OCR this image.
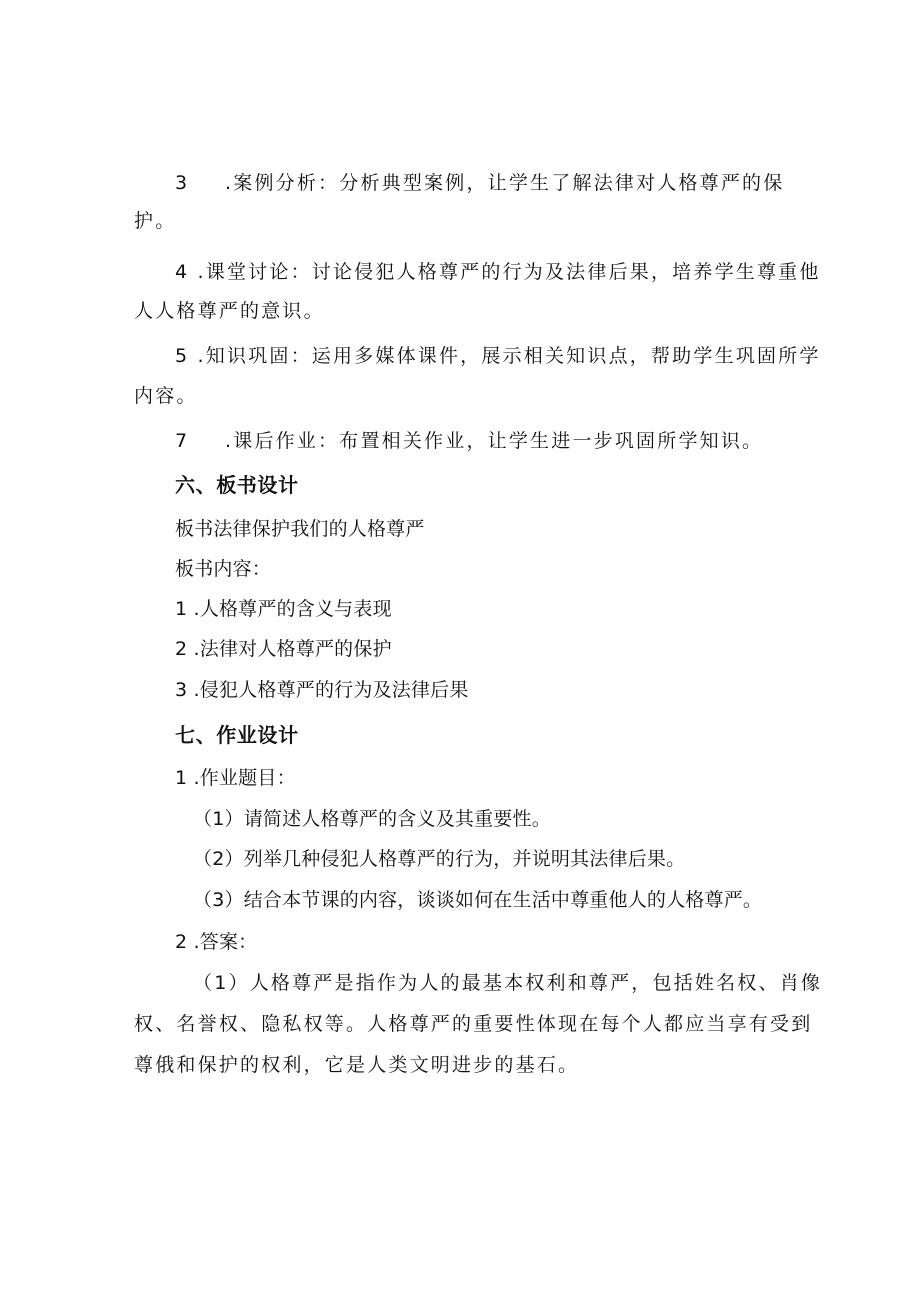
3 .案例分析：分析典型案例，让学生了解法律对人格尊严的保
护。
4 .课堂讨论：讨论侵犯人格尊严的行为及法律后果，培养学生尊重他
人人格尊严的意识。
5 .知识巩固：运用多媒体课件，展示相关知识点，帮助学生巩固所学
内容。
7 .课后作业：布置相关作业，让学生进一步巩固所学知识。
六、板书设计
板书法律保护我们的人格尊严
板书内容：
1 .人格尊严的含义与表现
2 .法律对人格尊严的保护
3 .侵犯人格尊严的行为及法律后果
七、作业设计
1 .作业题目：
（1）请简述人格尊严的含义及其重要性。
（2）列举几种侵犯人格尊严的行为，并说明其法律后果。
（3）结合本节课的内容，谈谈如何在生活中尊重他人的人格尊严。
2 .答案：
（1）人格尊严是指作为人的最基本权利和尊严，包括姓名权、肖像
权、名誉权、隐私权等。人格尊严的重要性体现在每个人都应当享有受到
尊俄和保护的权利，它是人类文明进步的基石。
